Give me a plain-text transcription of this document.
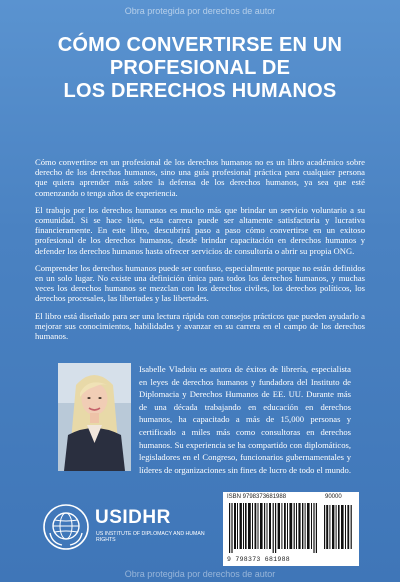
Obra protegida por derechos de autor
CÓMO CONVERTIRSE EN UN
PROFESIONAL DE
LOS DERECHOS HUMANOS

Cómo convertirse en un profesional de los derechos humanos no es un libro académico sobre derecho de los derechos humanos, sino una guía profesional práctica para cualquier persona que quiera aprender más sobre la defensa de los derechos humanos, ya sea que esté comenzando o tenga años de experiencia.

El trabajo por los derechos humanos es mucho más que brindar un servicio voluntario a su comunidad. Si se hace bien, esta carrera puede ser altamente satisfactoria y lucrativa financieramente. En este libro, descubrirá paso a paso cómo convertirse en un exitoso profesional de los derechos humanos, desde brindar capacitación en derechos humanos y defender los derechos humanos hasta ofrecer servicios de consultoría o abrir su propia ONG.

Comprender los derechos humanos puede ser confuso, especialmente porque no están definidos en un solo lugar. No existe una definición única para todos los derechos humanos, y muchas veces los derechos humanos se mezclan con los derechos civiles, los derechos políticos, los derechos procesales, las libertades y las libertades.

El libro está diseñado para ser una lectura rápida con consejos prácticos que pueden ayudarlo a mejorar sus conocimientos, habilidades y avanzar en su carrera en el campo de los derechos humanos.

Isabelle Vladoiu es autora de éxitos de librería, especialista en leyes de derechos humanos y fundadora del Instituto de Diplomacia y Derechos Humanos de EE. UU. Durante más de una década trabajando en educación en derechos humanos, ha capacitado a más de 15,000 personas y certificado a miles más como consultoras en derechos humanos. Su experiencia se ha compartido con diplomáticos, legisladores en el Congreso, funcionarios gubernamentales y líderes de organizaciones sin fines de lucro de todo el mundo.

USIDHR
US INSTITUTE OF DIPLOMACY AND HUMAN RIGHTS
ISBN 9798373681988	90000
9 798373 681988
Obra protegida por derechos de autor
